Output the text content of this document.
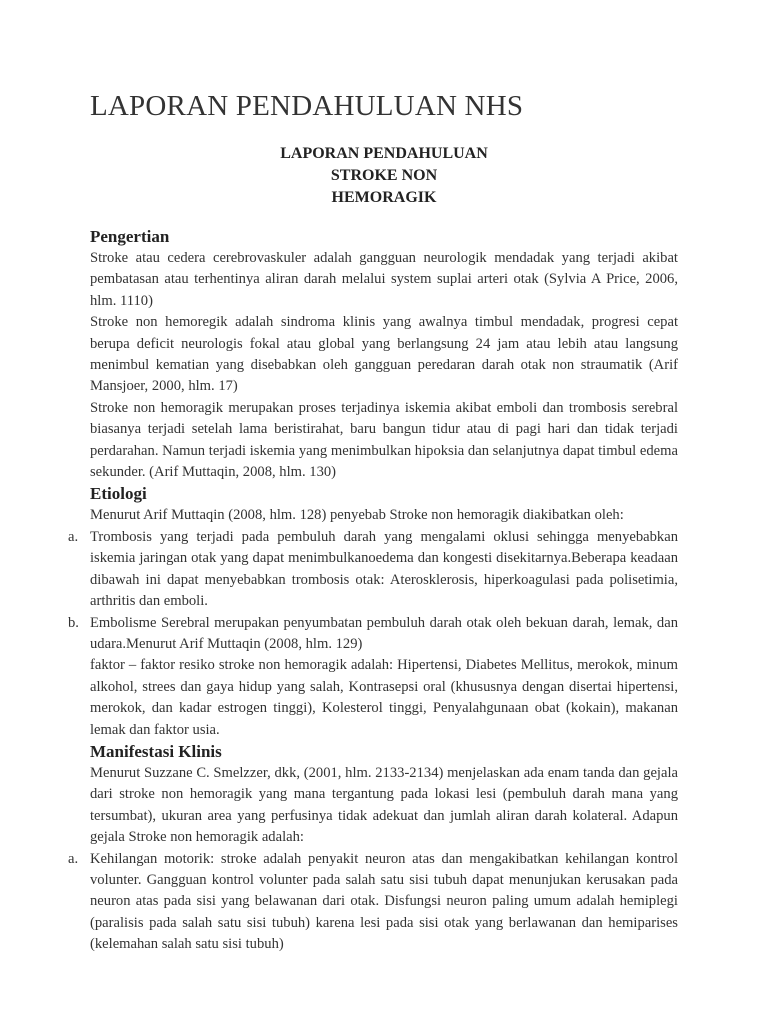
LAPORAN PENDAHULUAN NHS
LAPORAN PENDAHULUAN
STROKE NON
HEMORAGIK
Pengertian

Stroke atau cedera cerebrovaskuler adalah gangguan neurologik mendadak yang terjadi akibat pembatasan atau terhentinya aliran darah melalui system suplai arteri otak (Sylvia A Price, 2006, hlm. 1110)

Stroke non hemoregik adalah sindroma klinis yang awalnya timbul mendadak, progresi cepat berupa deficit neurologis fokal atau global yang berlangsung 24 jam atau lebih atau langsung menimbul kematian yang disebabkan oleh gangguan peredaran darah otak non straumatik (Arif Mansjoer, 2000, hlm. 17)

Stroke non hemoragik merupakan proses terjadinya iskemia akibat emboli dan trombosis serebral biasanya terjadi setelah lama beristirahat, baru bangun tidur atau di pagi hari dan tidak terjadi perdarahan. Namun terjadi iskemia yang menimbulkan hipoksia dan selanjutnya dapat timbul edema sekunder. (Arif Muttaqin, 2008, hlm. 130)

Etiologi

Menurut Arif Muttaqin (2008, hlm. 128) penyebab Stroke non hemoragik diakibatkan oleh:

a. Trombosis yang terjadi pada pembuluh darah yang mengalami oklusi sehingga menyebabkan iskemia jaringan otak yang dapat menimbulkanoedema dan kongesti disekitarnya.Beberapa keadaan dibawah ini dapat menyebabkan trombosis otak: Aterosklerosis, hiperkoagulasi pada polisetimia, arthritis dan emboli.
b. Embolisme Serebral merupakan penyumbatan pembuluh darah otak oleh bekuan darah, lemak, dan udara.Menurut Arif Muttaqin (2008, hlm. 129)

faktor – faktor resiko stroke non hemoragik adalah: Hipertensi, Diabetes Mellitus, merokok, minum alkohol, strees dan gaya hidup yang salah, Kontrasepsi oral (khususnya dengan disertai hipertensi, merokok, dan kadar estrogen tinggi), Kolesterol tinggi, Penyalahgunaan obat (kokain), makanan lemak dan faktor usia.

Manifestasi Klinis

Menurut Suzzane C. Smelzzer, dkk, (2001, hlm. 2133-2134) menjelaskan ada enam tanda dan gejala dari stroke non hemoragik yang mana tergantung pada lokasi lesi (pembuluh darah mana yang tersumbat), ukuran area yang perfusinya tidak adekuat dan jumlah aliran darah kolateral. Adapun gejala Stroke non hemoragik adalah:

a. Kehilangan motorik: stroke adalah penyakit neuron atas dan mengakibatkan kehilangan kontrol volunter. Gangguan kontrol volunter pada salah satu sisi tubuh dapat menunjukan kerusakan pada neuron atas pada sisi yang belawanan dari otak. Disfungsi neuron paling umum adalah hemiplegi (paralisis pada salah satu sisi tubuh) karena lesi pada sisi otak yang berlawanan dan hemiparises (kelemahan salah satu sisi tubuh)
